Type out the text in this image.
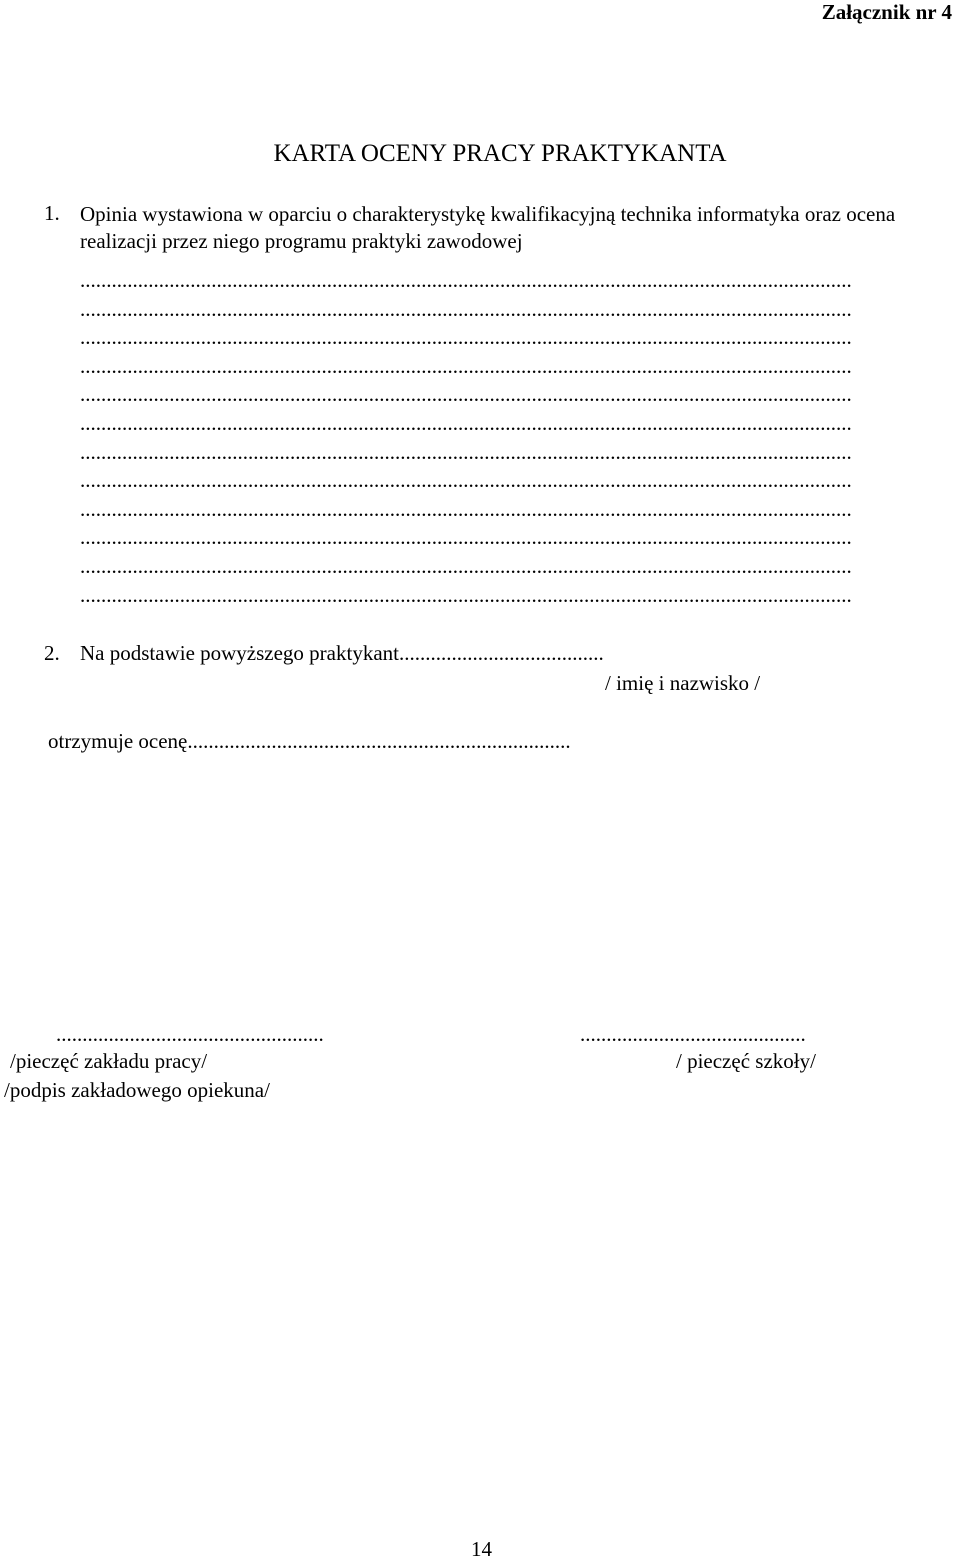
Załącznik nr 4
KARTA OCENY PRACY PRAKTYKANTA
1. Opinia wystawiona w oparciu o charakterystykę kwalifikacyjną technika informatyka oraz ocena realizacji przez niego programu praktyki zawodowej
...................................................................................................................................................
...................................................................................................................................................
...................................................................................................................................................
...................................................................................................................................................
...................................................................................................................................................
...................................................................................................................................................
...................................................................................................................................................
...................................................................................................................................................
...................................................................................................................................................
...................................................................................................................................................
...................................................................................................................................................
...................................................................................................................................................
2. Na podstawie powyższego praktykant.......................................
/ imię i nazwisko /
otrzymuje ocenę.........................................................................
...................................................	...........................................
/pieczęć zakładu pracy/
/podpis zakładowego opiekuna/
/ pieczęć szkoły/
14
